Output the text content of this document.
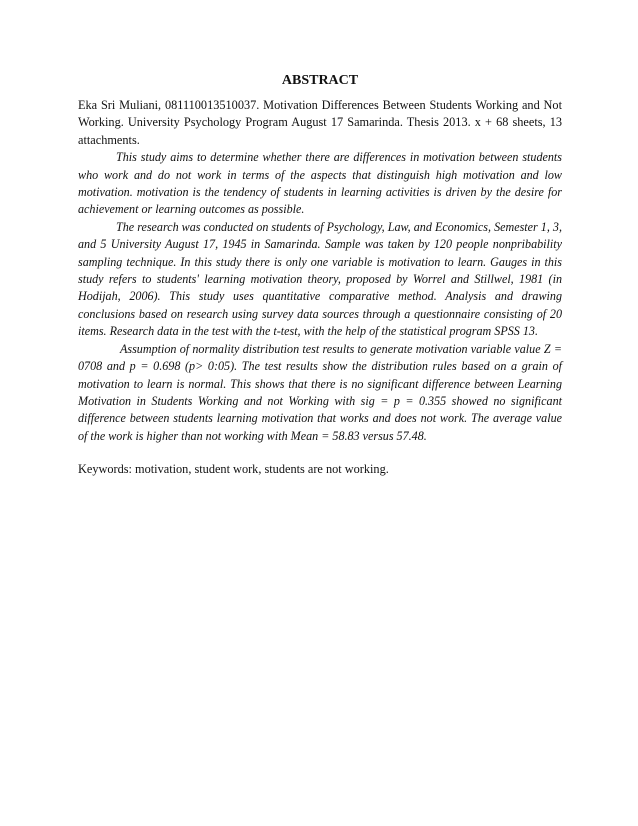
ABSTRACT

Eka Sri Muliani, 081110013510037. Motivation Differences Between Students Working and Not Working. University Psychology Program August 17 Samarinda. Thesis 2013. x + 68 sheets, 13 attachments.

This study aims to determine whether there are differences in motivation between students who work and do not work in terms of the aspects that distinguish high motivation and low motivation. motivation is the tendency of students in learning activities is driven by the desire for achievement or learning outcomes as possible.

The research was conducted on students of Psychology, Law, and Economics, Semester 1, 3, and 5 University August 17, 1945 in Samarinda. Sample was taken by 120 people nonpribability sampling technique. In this study there is only one variable is motivation to learn. Gauges in this study refers to students' learning motivation theory, proposed by Worrel and Stillwel, 1981 (in Hodijah, 2006). This study uses quantitative comparative method. Analysis and drawing conclusions based on research using survey data sources through a questionnaire consisting of 20 items. Research data in the test with the t-test, with the help of the statistical program SPSS 13.

Assumption of normality distribution test results to generate motivation variable value Z = 0708 and p = 0.698 (p> 0:05). The test results show the distribution rules based on a grain of motivation to learn is normal. This shows that there is no significant difference between Learning Motivation in Students Working and not Working with sig = p = 0.355 showed no significant difference between students learning motivation that works and does not work. The average value of the work is higher than not working with Mean = 58.83 versus 57.48.

Keywords: motivation, student work, students are not working.
